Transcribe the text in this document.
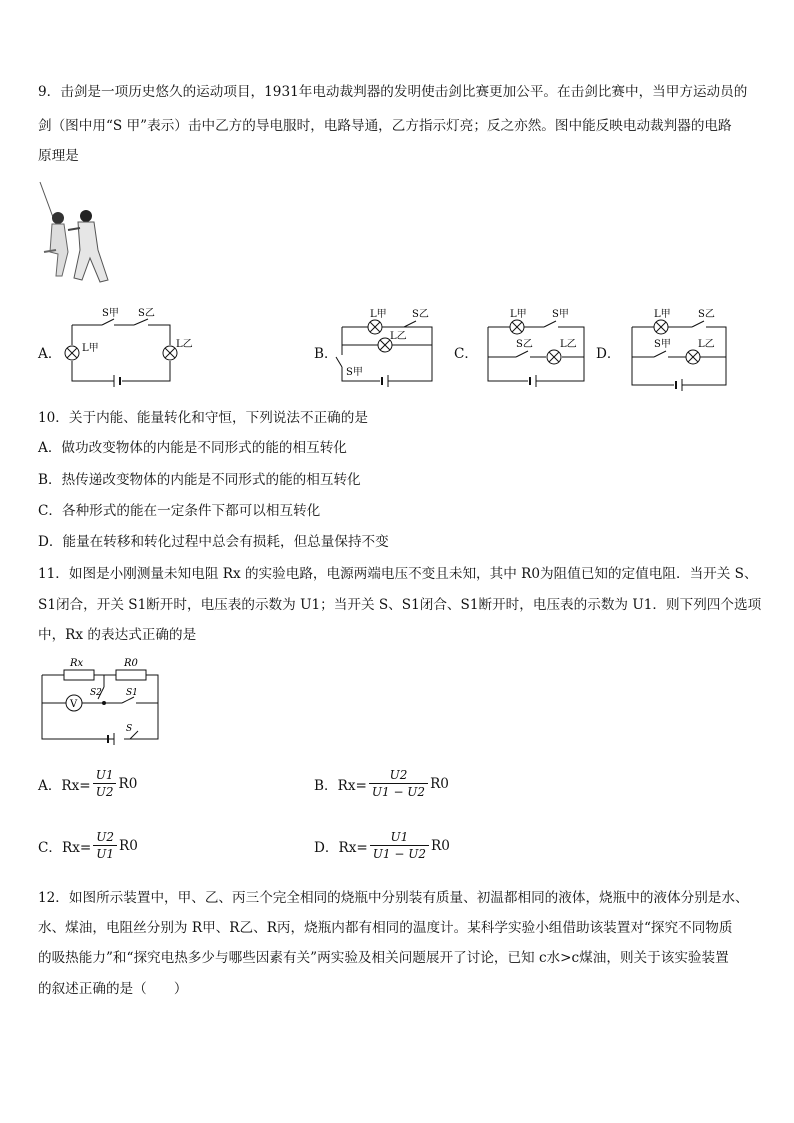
9．击剑是一项历史悠久的运动项目，1931年电动裁判器的发明使击剑比赛更加公平。在击剑比赛中，当甲方运动员的
剑（图中用“S 甲”表示）击中乙方的导电服时，电路导通，乙方指示灯亮；反之亦然。图中能反映电动裁判器的电路
原理是
A．	B．	C．	D．
S甲 S乙
L甲	L乙
L甲	S乙
L乙
S甲
L甲	S甲
S乙	L乙
L甲	S乙
S甲	L乙
10．关于内能、能量转化和守恒，下列说法不正确的是
A．做功改变物体的内能是不同形式的能的相互转化
B．热传递改变物体的内能是不同形式的能的相互转化
C．各种形式的能在一定条件下都可以相互转化
D．能量在转移和转化过程中总会有损耗，但总量保持不变
11．如图是小刚测量未知电阻 Rx 的实验电路，电源两端电压不变且未知，其中 R0为阻值已知的定值电阻．当开关 S、
S1闭合，开关 S1断开时，电压表的示数为 U1；当开关 S、S1闭合、S1断开时，电压表的示数为 U1．则下列四个选项
中，Rx 的表达式正确的是
Rx	R0
V
S2	S1
S
A．$Rx= \frac{U1}{U2} R0$	B．$Rx= \frac{U2}{U1 - U2} R0$
C．$Rx= \frac{U2}{U1} R0$	D．$Rx= \frac{U1}{U1 - U2} R0$
12．如图所示装置中，甲、乙、丙三个完全相同的烧瓶中分别装有质量、初温都相同的液体，烧瓶中的液体分别是水、
水、煤油，电阻丝分别为 R甲、R乙、R丙，烧瓶内都有相同的温度计。某科学实验小组借助该装置对“探究不同物质
的吸热能力”和“探究电热多少与哪些因素有关”两实验及相关问题展开了讨论，已知 c水>c煤油，则关于该实验装置
的叙述正确的是（　　）
